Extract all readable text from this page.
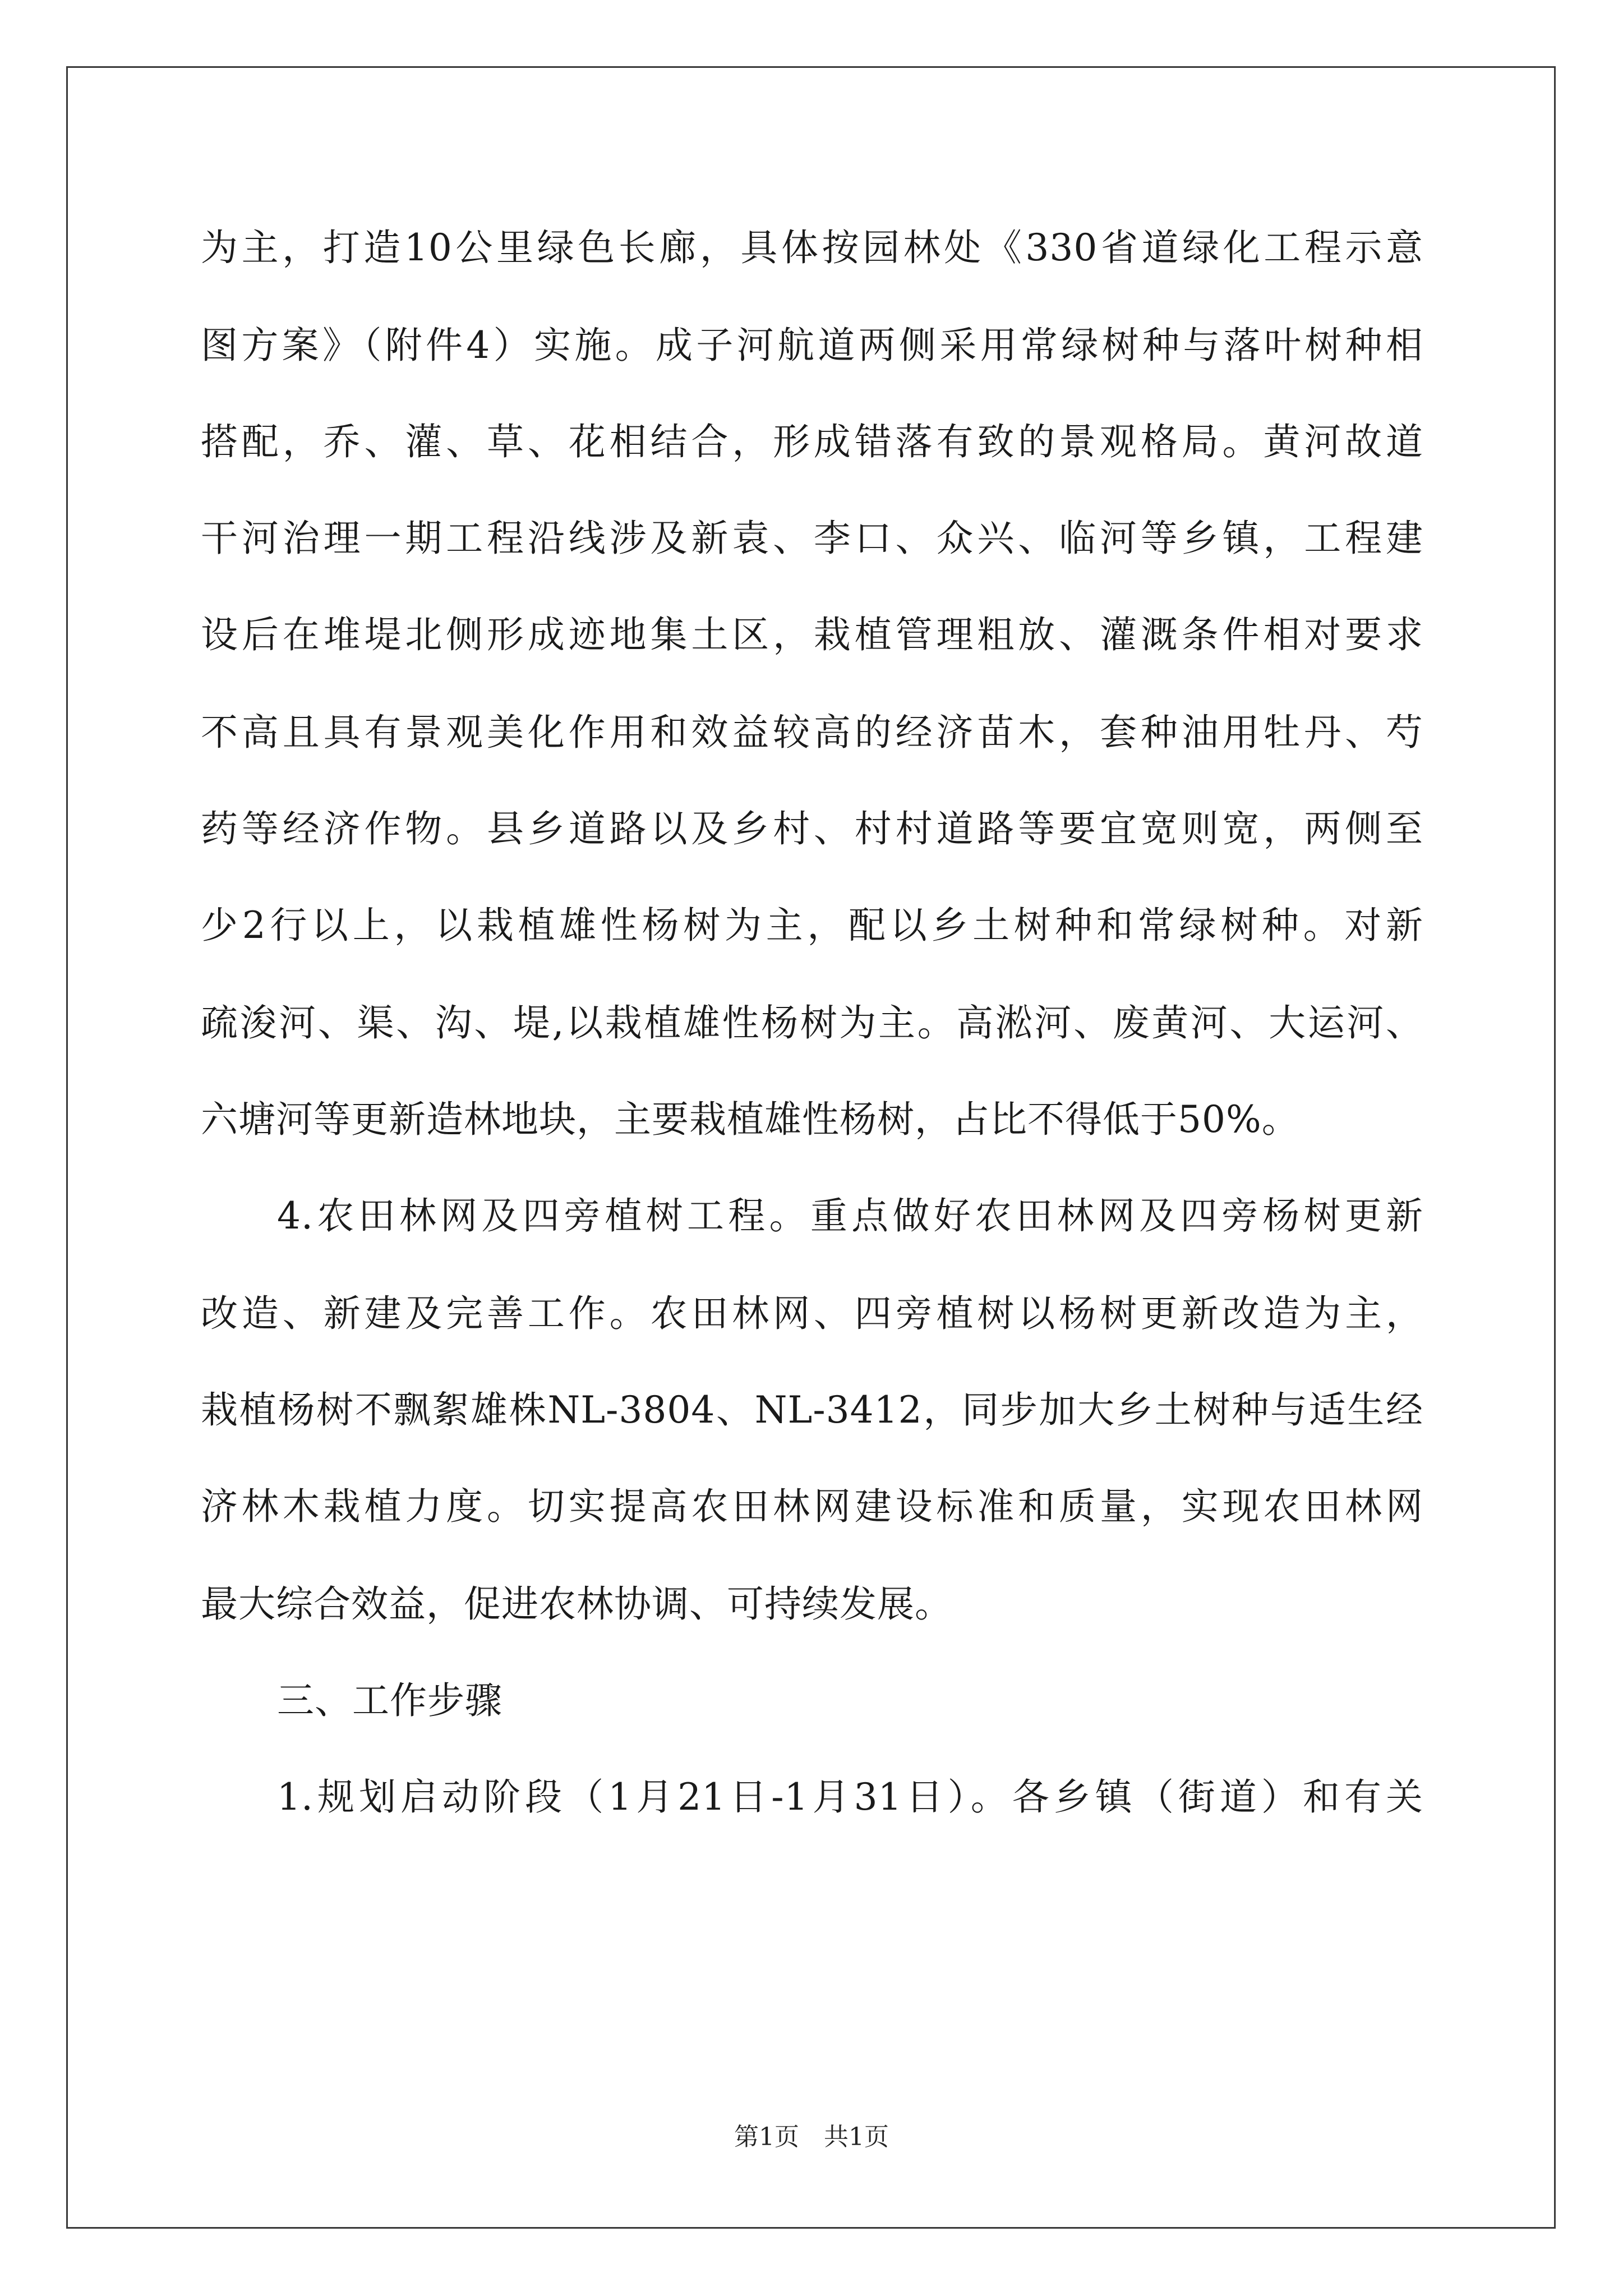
为主，打造10公里绿色长廊，具体按园林处《330省道绿化工程示意
图方案》（附件4）实施。成子河航道两侧采用常绿树种与落叶树种相
搭配，乔、灌、草、花相结合，形成错落有致的景观格局。黄河故道
干河治理一期工程沿线涉及新袁、李口、众兴、临河等乡镇，工程建
设后在堆堤北侧形成迹地集土区，栽植管理粗放、灌溉条件相对要求
不高且具有景观美化作用和效益较高的经济苗木，套种油用牡丹、芍
药等经济作物。县乡道路以及乡村、村村道路等要宜宽则宽，两侧至
少2行以上，以栽植雄性杨树为主，配以乡土树种和常绿树种。对新
疏浚河、渠、沟、堤,以栽植雄性杨树为主。高淞河、废黄河、大运河、
六塘河等更新造林地块，主要栽植雄性杨树，占比不得低于50%。
4.农田林网及四旁植树工程。重点做好农田林网及四旁杨树更新
改造、新建及完善工作。农田林网、四旁植树以杨树更新改造为主，
栽植杨树不飘絮雄株NL-3804、NL-3412，同步加大乡土树种与适生经
济林木栽植力度。切实提高农田林网建设标准和质量，实现农田林网
最大综合效益，促进农林协调、可持续发展。
三、工作步骤
1.规划启动阶段（1月21日-1月31日）。各乡镇（街道）和有关
第1页 共1页
